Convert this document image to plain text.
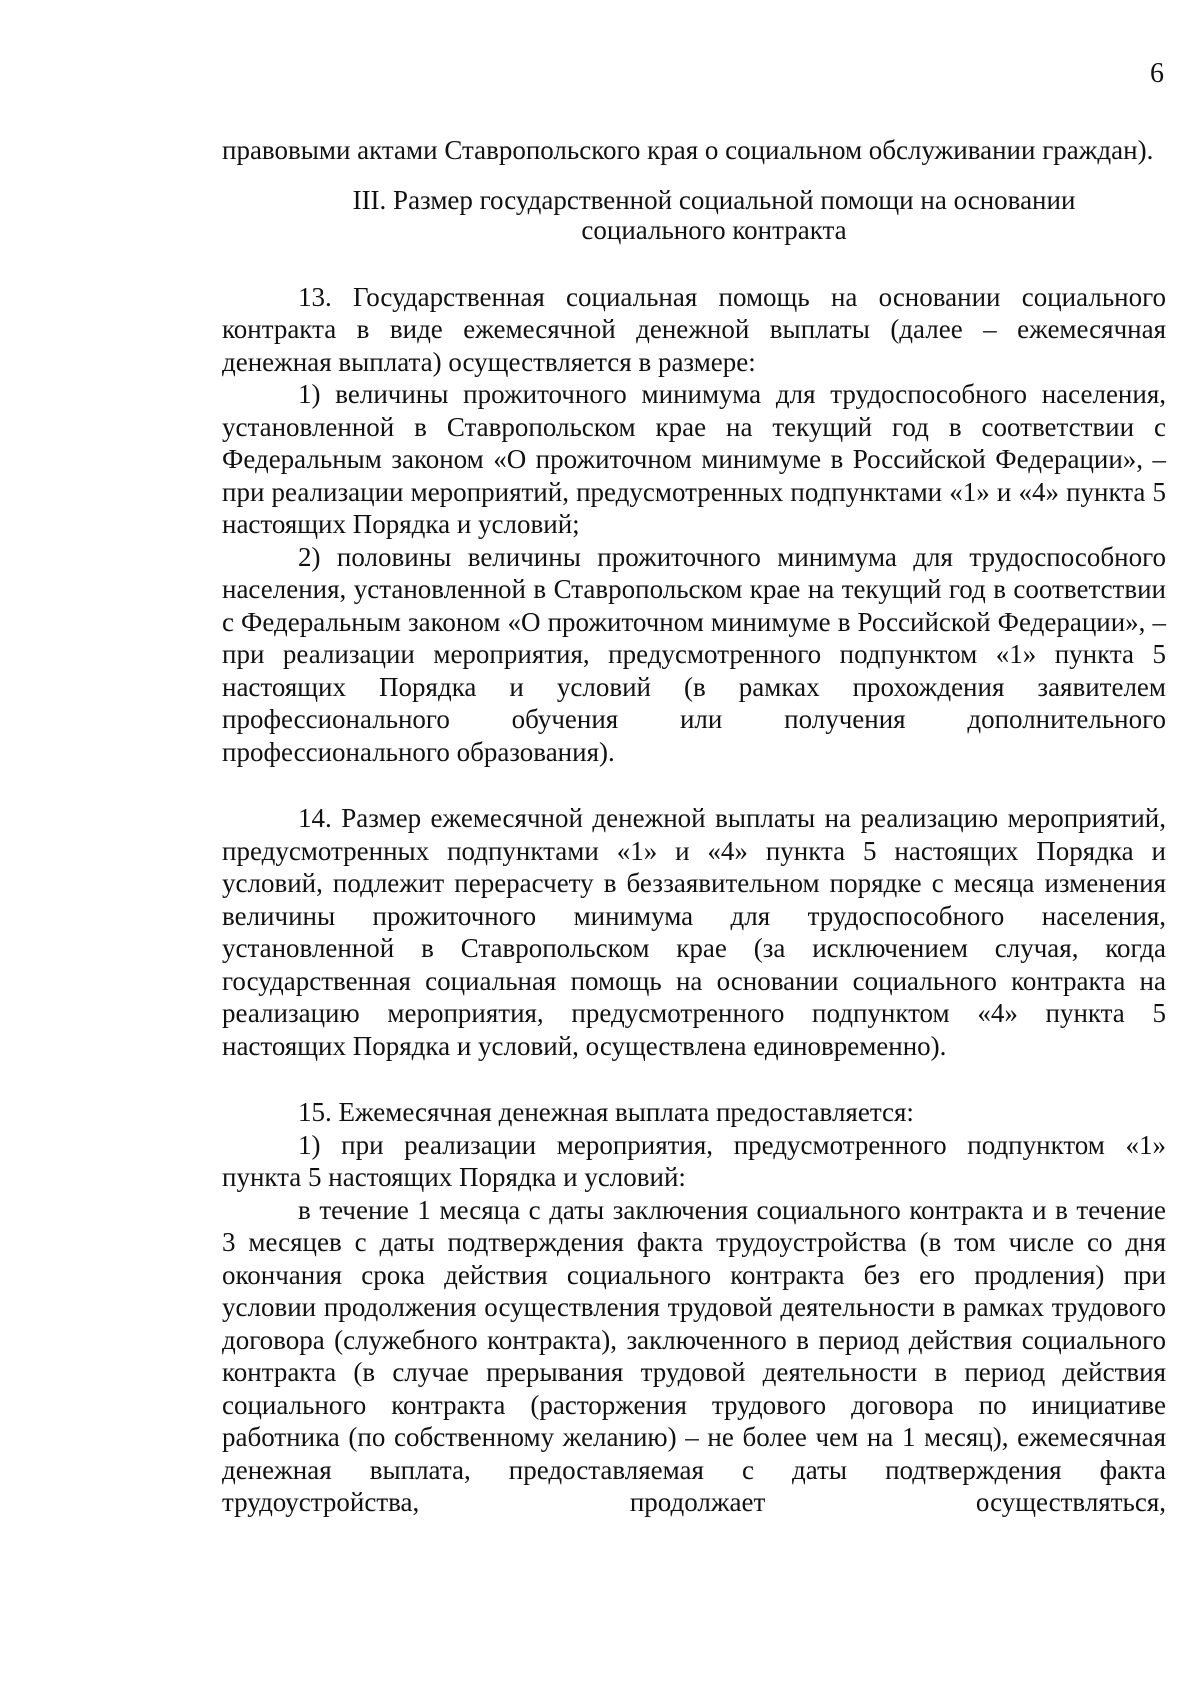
6

правовыми актами Ставропольского края о социальном обслуживании граждан).

III. Размер государственной социальной помощи на основании
социального контракта

13. Государственная социальная помощь на основании социального контракта в виде ежемесячной денежной выплаты (далее – ежемесячная денежная выплата) осуществляется в размере:

1) величины прожиточного минимума для трудоспособного населения, установленной в Ставропольском крае на текущий год в соответствии с Федеральным законом «О прожиточном минимуме в Российской Федерации», – при реализации мероприятий, предусмотренных подпунктами «1» и «4» пункта 5 настоящих Порядка и условий;

2) половины величины прожиточного минимума для трудоспособного населения, установленной в Ставропольском крае на текущий год в соответствии с Федеральным законом «О прожиточном минимуме в Российской Федерации», – при реализации мероприятия, предусмотренного подпунктом «1» пункта 5 настоящих Порядка и условий (в рамках прохождения заявителем профессионального обучения или получения дополнительного профессионального образования).

14. Размер ежемесячной денежной выплаты на реализацию мероприятий, предусмотренных подпунктами «1» и «4» пункта 5 настоящих Порядка и условий, подлежит перерасчету в беззаявительном порядке с месяца изменения величины прожиточного минимума для трудоспособного населения, установленной в Ставропольском крае (за исключением случая, когда государственная социальная помощь на основании социального контракта на реализацию мероприятия, предусмотренного подпунктом «4» пункта 5 настоящих Порядка и условий, осуществлена единовременно).

15. Ежемесячная денежная выплата предоставляется:

1) при реализации мероприятия, предусмотренного подпунктом «1» пункта 5 настоящих Порядка и условий:

в течение 1 месяца с даты заключения социального контракта и в течение 3 месяцев с даты подтверждения факта трудоустройства (в том числе со дня окончания срока действия социального контракта без его продления) при условии продолжения осуществления трудовой деятельности в рамках трудового договора (служебного контракта), заключенного в период действия социального контракта (в случае прерывания трудовой деятельности в период действия социального контракта (расторжения трудового договора по инициативе работника (по собственному желанию) – не более чем на 1 месяц), ежемесячная денежная выплата, предоставляемая с даты подтверждения факта трудоустройства, продолжает осуществляться,
